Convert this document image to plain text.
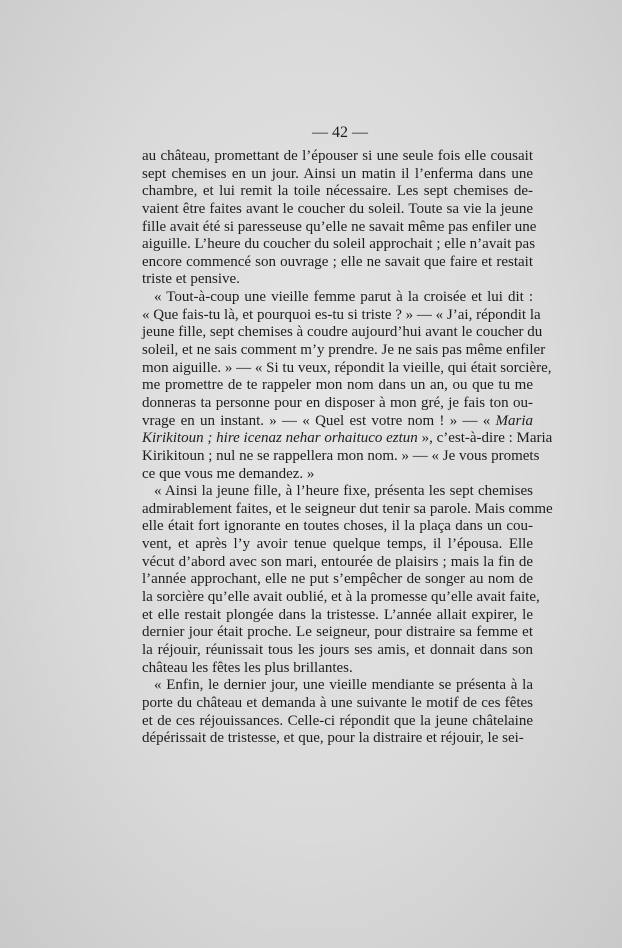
— 42 —
au château, promettant de l’épouser si une seule fois elle cousait
sept chemises en un jour. Ainsi un matin il l’enferma dans une
chambre, et lui remit la toile nécessaire. Les sept chemises de-
vaient être faites avant le coucher du soleil. Toute sa vie la jeune
fille avait été si paresseuse qu’elle ne savait même pas enfiler une
aiguille. L’heure du coucher du soleil approchait ; elle n’avait pas
encore commencé son ouvrage ; elle ne savait que faire et restait
triste et pensive.
« Tout-à-coup une vieille femme parut à la croisée et lui dit :
« Que fais-tu là, et pourquoi es-tu si triste ? » — « J’ai, répondit la
jeune fille, sept chemises à coudre aujourd’hui avant le coucher du
soleil, et ne sais comment m’y prendre. Je ne sais pas même enfiler
mon aiguille. » — « Si tu veux, répondit la vieille, qui était sorcière,
me promettre de te rappeler mon nom dans un an, ou que tu me
donneras ta personne pour en disposer à mon gré, je fais ton ou-
vrage en un instant. » — « Quel est votre nom ! » — « Maria
Kirikitoun ; hire icenaz nehar orhaituco eztun », c’est-à-dire : Maria
Kirikitoun ; nul ne se rappellera mon nom. » — « Je vous promets
ce que vous me demandez. »
« Ainsi la jeune fille, à l’heure fixe, présenta les sept chemises
admirablement faites, et le seigneur dut tenir sa parole. Mais comme
elle était fort ignorante en toutes choses, il la plaça dans un cou-
vent, et après l’y avoir tenue quelque temps, il l’épousa. Elle
vécut d’abord avec son mari, entourée de plaisirs ; mais la fin de
l’année approchant, elle ne put s’empêcher de songer au nom de
la sorcière qu’elle avait oublié, et à la promesse qu’elle avait faite,
et elle restait plongée dans la tristesse. L’année allait expirer, le
dernier jour était proche. Le seigneur, pour distraire sa femme et
la réjouir, réunissait tous les jours ses amis, et donnait dans son
château les fêtes les plus brillantes.
« Enfin, le dernier jour, une vieille mendiante se présenta à la
porte du château et demanda à une suivante le motif de ces fêtes
et de ces réjouissances. Celle-ci répondit que la jeune châtelaine
dépérissait de tristesse, et que, pour la distraire et réjouir, le sei-
